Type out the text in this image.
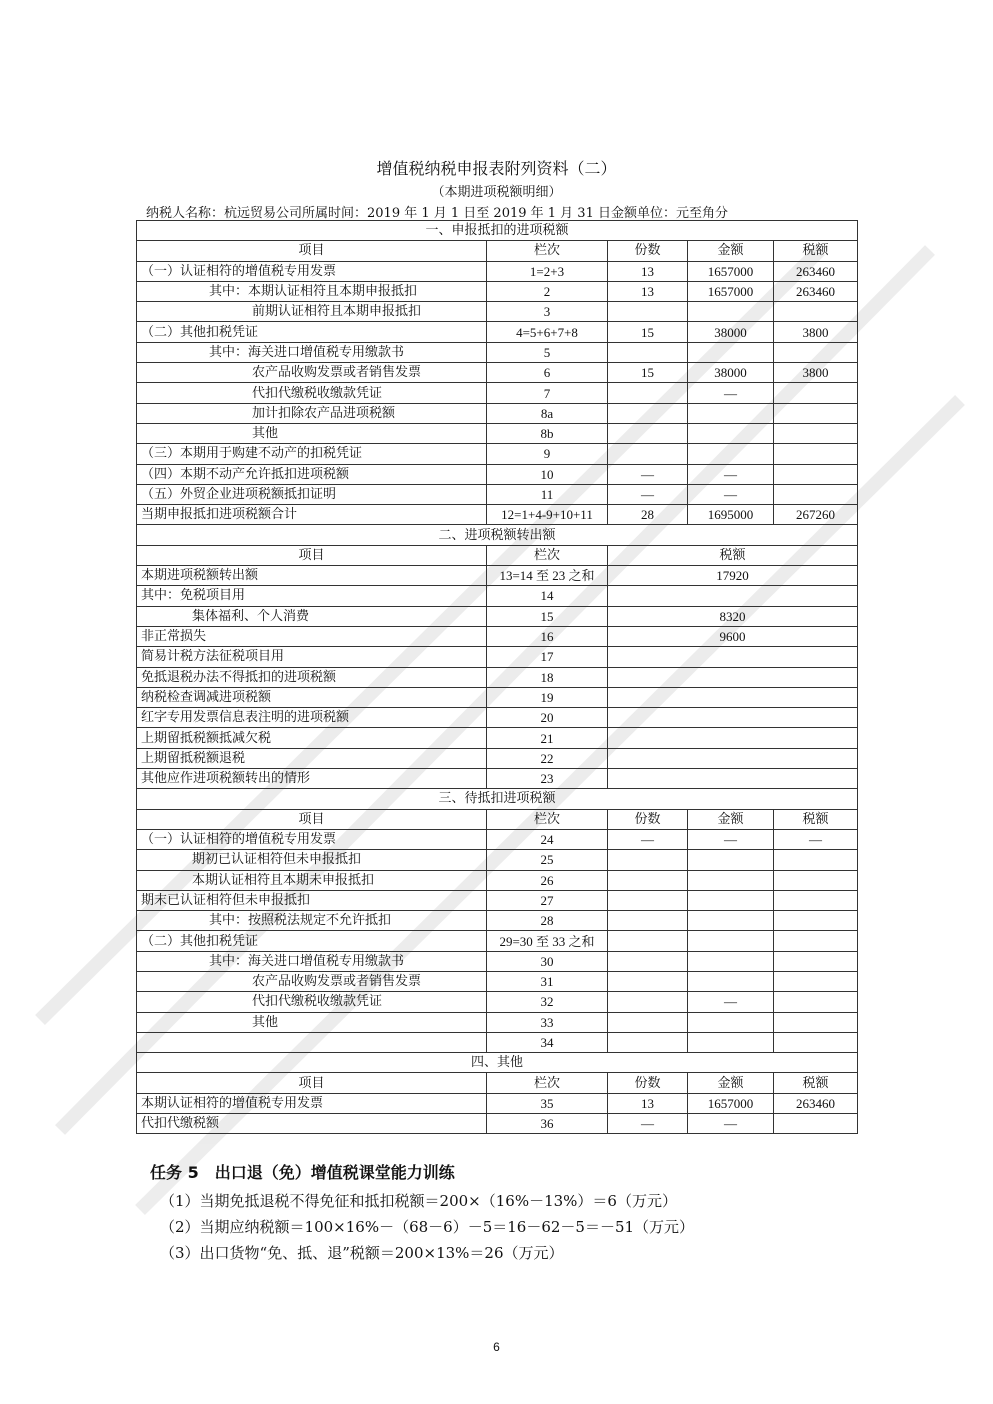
增值税纳税申报表附列资料（二）
（本期进项税额明细）
纳税人名称：杭远贸易公司所属时间：2019 年 1 月 1 日至 2019 年 1 月 31 日金额单位：元至角分
一、申报抵扣的进项税额				
项目	栏次	份数	金额	税额
（一）认证相符的增值税专用发票	1=2+3	13	1657000	263460
其中：本期认证相符且本期申报抵扣	2	13	1657000	263460
前期认证相符且本期申报抵扣	3			
（二）其他扣税凭证	4=5+6+7+8	15	38000	3800
其中：海关进口增值税专用缴款书	5			
农产品收购发票或者销售发票	6	15	38000	3800
代扣代缴税收缴款凭证	7		—	
加计扣除农产品进项税额	8a			
其他	8b			
（三）本期用于购建不动产的扣税凭证	9			
（四）本期不动产允许抵扣进项税额	10	—	—	
（五）外贸企业进项税额抵扣证明	11	—	—	
当期申报抵扣进项税额合计	12=1+4-9+10+11	28	1695000	267260
二、进项税额转出额				
项目	栏次	税额		
本期进项税额转出额	13=14 至 23 之和	17920		
其中：免税项目用	14			
集体福利、个人消费	15	8320		
非正常损失	16	9600		
简易计税方法征税项目用	17			
免抵退税办法不得抵扣的进项税额	18			
纳税检查调减进项税额	19			
红字专用发票信息表注明的进项税额	20			
上期留抵税额抵减欠税	21			
上期留抵税额退税	22			
其他应作进项税额转出的情形	23			
三、待抵扣进项税额				
项目	栏次	份数	金额	税额
（一）认证相符的增值税专用发票	24	—	—	—
期初已认证相符但未申报抵扣	25			
本期认证相符且本期未申报抵扣	26			
期末已认证相符但未申报抵扣	27			
其中：按照税法规定不允许抵扣	28			
（二）其他扣税凭证	29=30 至 33 之和			
其中：海关进口增值税专用缴款书	30			
农产品收购发票或者销售发票	31			
代扣代缴税收缴款凭证	32		—	
其他	33			
	34			
四、其他				
项目	栏次	份数	金额	税额
本期认证相符的增值税专用发票	35	13	1657000	263460
代扣代缴税额	36	—	—	
任务 5　出口退（免）增值税课堂能力训练
（1）当期免抵退税不得免征和抵扣税额＝200×（16%－13%）＝6（万元）
（2）当期应纳税额＝100×16%－（68－6）－5＝16－62－5＝－51（万元）
（3）出口货物“免、抵、退”税额＝200×13%＝26（万元）
6
